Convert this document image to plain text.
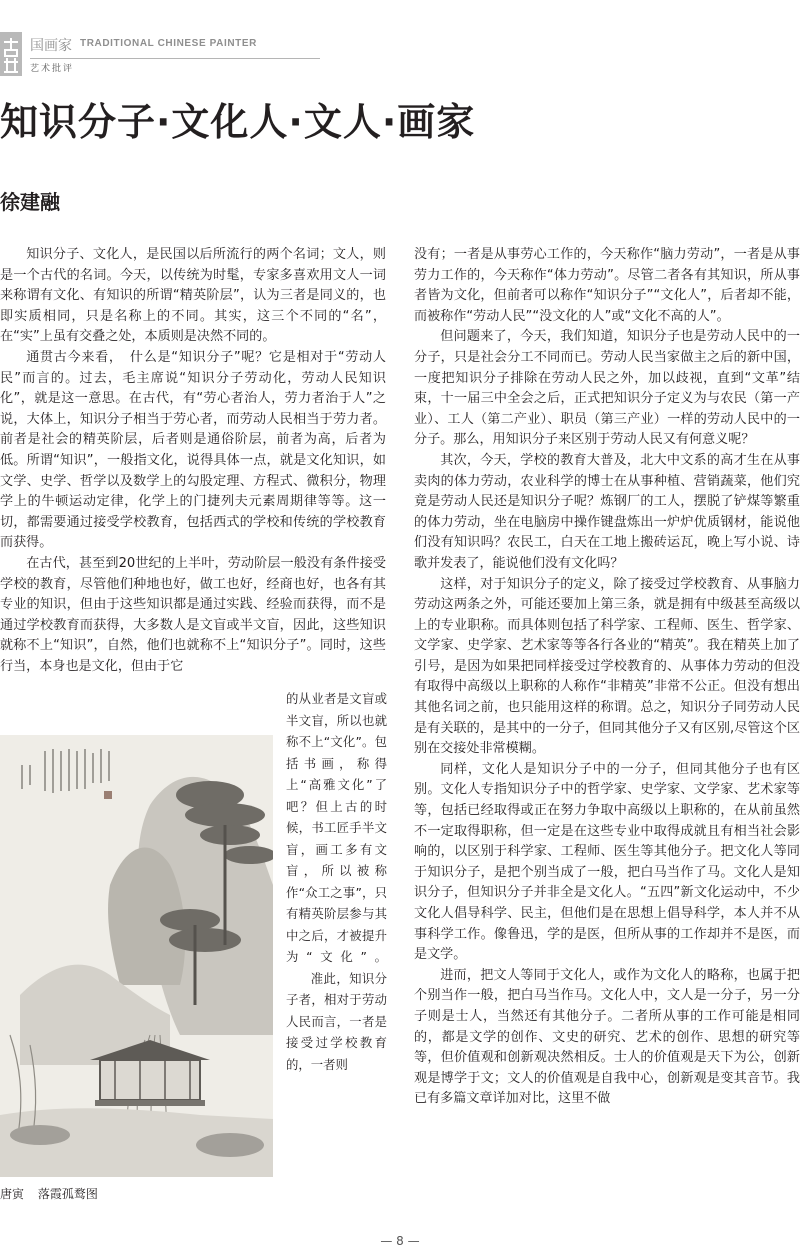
国画家 TRADITIONAL CHINESE PAINTER
艺术批评
知识分子·文化人·文人·画家
徐建融

知识分子、文化人，是民国以后所流行的两个名词；文人，则是一个古代的名词。今天，以传统为时髦，专家多喜欢用文人一词来称谓有文化、有知识的所谓“精英阶层”，认为三者是同义的，也即实质相同，只是名称上的不同。其实，这三个不同的“名”，在“实”上虽有交叠之处，本质则是决然不同的。

通贯古今来看，　什么是“知识分子”呢？它是相对于“劳动人民”而言的。过去，毛主席说“知识分子劳动化，劳动人民知识化”，就是这一意思。在古代，有“劳心者治人，劳力者治于人”之说，大体上，知识分子相当于劳心者，而劳动人民相当于劳力者。前者是社会的精英阶层，后者则是通俗阶层，前者为高，后者为低。所谓“知识”，一般指文化，说得具体一点，就是文化知识，如文学、史学、哲学以及数学上的勾股定理、方程式、微积分，物理学上的牛顿运动定律，化学上的门捷列夫元素周期律等等。这一切，都需要通过接受学校教育，包括西式的学校和传统的学校教育而获得。

在古代，甚至到20世纪的上半叶，劳动阶层一般没有条件接受学校的教育，尽管他们种地也好，做工也好，经商也好，也各有其专业的知识，但由于这些知识都是通过实践、经验而获得，而不是通过学校教育而获得，大多数人是文盲或半文盲，因此，这些知识就称不上“知识”，自然，他们也就称不上“知识分子”。同时，这些行当，本身也是文化，但由于它

的从业者是文盲或半文盲，所以也就称不上“文化”。包括书画，称得上“高雅文化”了吧？但上古的时候，书工匠手半文盲，画工多有文盲，所以被称作“众工之事”，只有精英阶层参与其中之后，才被提升为“文化”。

准此，知识分子者，相对于劳动人民而言，一者是接受过学校教育的，一者则

唐寅 落霞孤鹜图

没有；一者是从事劳心工作的，今天称作“脑力劳动”，一者是从事劳力工作的，今天称作“体力劳动”。尽管二者各有其知识，所从事者皆为文化，但前者可以称作“知识分子”“文化人”，后者却不能，而被称作“劳动人民”“没文化的人”或“文化不高的人”。

但问题来了，今天，我们知道，知识分子也是劳动人民中的一分子，只是社会分工不同而已。劳动人民当家做主之后的新中国，一度把知识分子排除在劳动人民之外，加以歧视，直到“文革”结束，十一届三中全会之后，正式把知识分子定义为与农民（第一产业）、工人（第二产业）、职员（第三产业）一样的劳动人民中的一分子。那么，用知识分子来区别于劳动人民又有何意义呢？

其次，今天，学校的教育大普及，北大中文系的高才生在从事卖肉的体力劳动，农业科学的博士在从事种植、营销蔬菜，他们究竟是劳动人民还是知识分子呢？炼钢厂的工人，摆脱了铲煤等繁重的体力劳动，坐在电脑房中操作键盘炼出一炉炉优质钢材，能说他们没有知识吗？农民工，白天在工地上搬砖运瓦，晚上写小说、诗歌并发表了，能说他们没有文化吗？

这样，对于知识分子的定义，除了接受过学校教育、从事脑力劳动这两条之外，可能还要加上第三条，就是拥有中级甚至高级以上的专业职称。而具体则包括了科学家、工程师、医生、哲学家、文学家、史学家、艺术家等等各行各业的“精英”。我在精英上加了引号，是因为如果把同样接受过学校教育的、从事体力劳动的但没有取得中高级以上职称的人称作“非精英”非常不公正。但没有想出其他名词之前，也只能用这样的称谓。总之，知识分子同劳动人民是有关联的，是其中的一分子，但同其他分子又有区别,尽管这个区别在交接处非常模糊。

同样，文化人是知识分子中的一分子，但同其他分子也有区别。文化人专指知识分子中的哲学家、史学家、文学家、艺术家等等，包括已经取得或正在努力争取中高级以上职称的，在从前虽然不一定取得职称，但一定是在这些专业中取得成就且有相当社会影响的，以区别于科学家、工程师、医生等其他分子。把文化人等同于知识分子，是把个别当成了一般，把白马当作了马。文化人是知识分子，但知识分子并非全是文化人。“五四”新文化运动中，不少文化人倡导科学、民主，但他们是在思想上倡导科学，本人并不从事科学工作。像鲁迅，学的是医，但所从事的工作却并不是医，而是文学。

进而，把文人等同于文化人，或作为文化人的略称，也属于把个别当作一般，把白马当作马。文化人中，文人是一分子，另一分子则是士人，当然还有其他分子。二者所从事的工作可能是相同的，都是文学的创作、文史的研究、艺术的创作、思想的研究等等，但价值观和创新观决然相反。士人的价值观是天下为公，创新观是博学于文；文人的价值观是自我中心，创新观是变其音节。我已有多篇文章详加对比，这里不做

— 8 —
